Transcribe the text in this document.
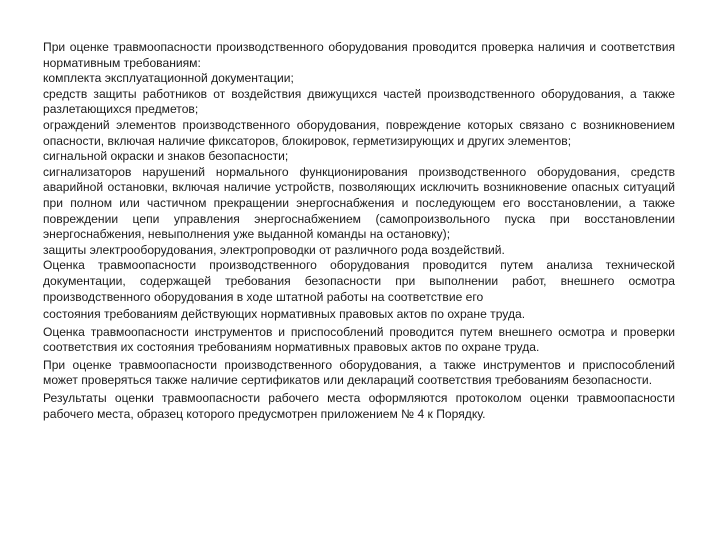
При оценке травмоопасности производственного оборудования проводится проверка наличия и соответствия нормативным требованиям:

комплекта эксплуатационной документации;

средств защиты работников от воздействия движущихся частей производственного оборудования, а также разлетающихся предметов;

ограждений элементов производственного оборудования, повреждение которых связано с возникновением опасности, включая наличие фиксаторов, блокировок, герметизирующих и других элементов;

сигнальной окраски и знаков безопасности;

сигнализаторов нарушений нормального функционирования производственного оборудования, средств аварийной остановки, включая наличие устройств, позволяющих исключить возникновение опасных ситуаций при полном или частичном прекращении энергоснабжения и последующем его восстановлении, а также повреждении цепи управления энергоснабжением (самопроизвольного пуска при восстановлении энергоснабжения, невыполнения уже выданной команды на остановку);

защиты электрооборудования, электропроводки от различного рода воздействий.

Оценка травмоопасности производственного оборудования проводится путем анализа технической документации, содержащей требования безопасности при выполнении работ, внешнего осмотра производственного оборудования в ходе штатной работы на соответствие его

состояния требованиям действующих нормативных правовых актов по охране труда.

Оценка травмоопасности инструментов и приспособлений проводится путем внешнего осмотра и проверки соответствия их состояния требованиям нормативных правовых актов по охране труда.

При оценке травмоопасности производственного оборудования, а также инструментов и приспособлений может проверяться также наличие сертификатов или деклараций соответствия требованиям безопасности.

Результаты оценки травмоопасности рабочего места оформляются протоколом оценки травмоопасности рабочего места, образец которого предусмотрен приложением № 4 к Порядку.
